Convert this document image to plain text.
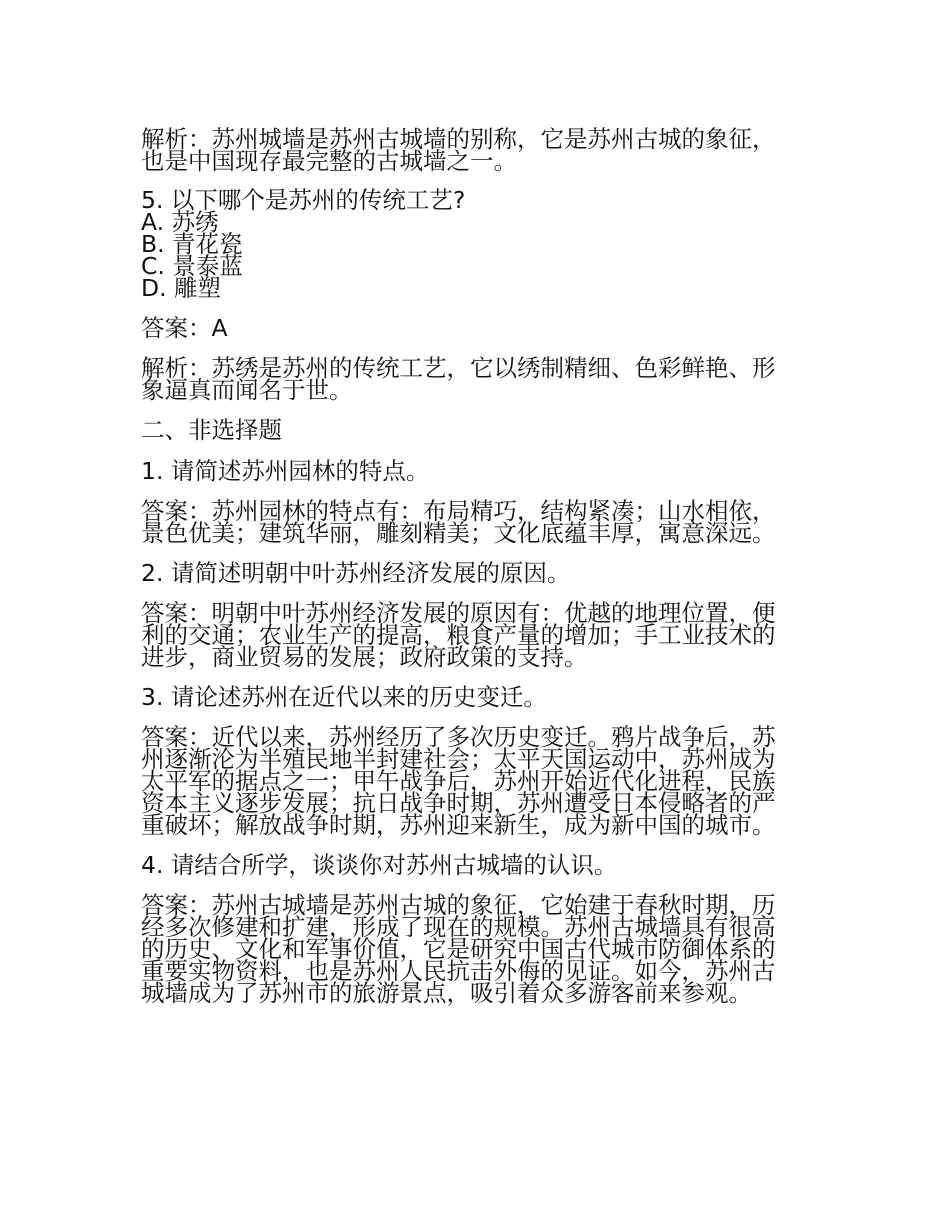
解析：苏州城墙是苏州古城墙的别称，它是苏州古城的象征，
也是中国现存最完整的古城墙之一。

5. 以下哪个是苏州的传统工艺?
A. 苏绣
B. 青花瓷
C. 景泰蓝
D. 雕塑

答案：A

解析：苏绣是苏州的传统工艺，它以绣制精细、色彩鲜艳、形
象逼真而闻名于世。

二、非选择题

1. 请简述苏州园林的特点。

答案：苏州园林的特点有：布局精巧，结构紧凑；山水相依，
景色优美；建筑华丽，雕刻精美；文化底蕴丰厚，寓意深远。

2. 请简述明朝中叶苏州经济发展的原因。

答案：明朝中叶苏州经济发展的原因有：优越的地理位置，便
利的交通；农业生产的提高，粮食产量的增加；手工业技术的
进步，商业贸易的发展；政府政策的支持。

3. 请论述苏州在近代以来的历史变迁。

答案：近代以来，苏州经历了多次历史变迁。鸦片战争后，苏
州逐渐沦为半殖民地半封建社会；太平天国运动中，苏州成为
太平军的据点之一；甲午战争后，苏州开始近代化进程，民族
资本主义逐步发展；抗日战争时期，苏州遭受日本侵略者的严
重破坏；解放战争时期，苏州迎来新生，成为新中国的城市。

4. 请结合所学，谈谈你对苏州古城墙的认识。

答案：苏州古城墙是苏州古城的象征，它始建于春秋时期，历
经多次修建和扩建，形成了现在的规模。苏州古城墙具有很高
的历史、文化和军事价值，它是研究中国古代城市防御体系的
重要实物资料，也是苏州人民抗击外侮的见证。如今，苏州古
城墙成为了苏州市的旅游景点，吸引着众多游客前来参观。
